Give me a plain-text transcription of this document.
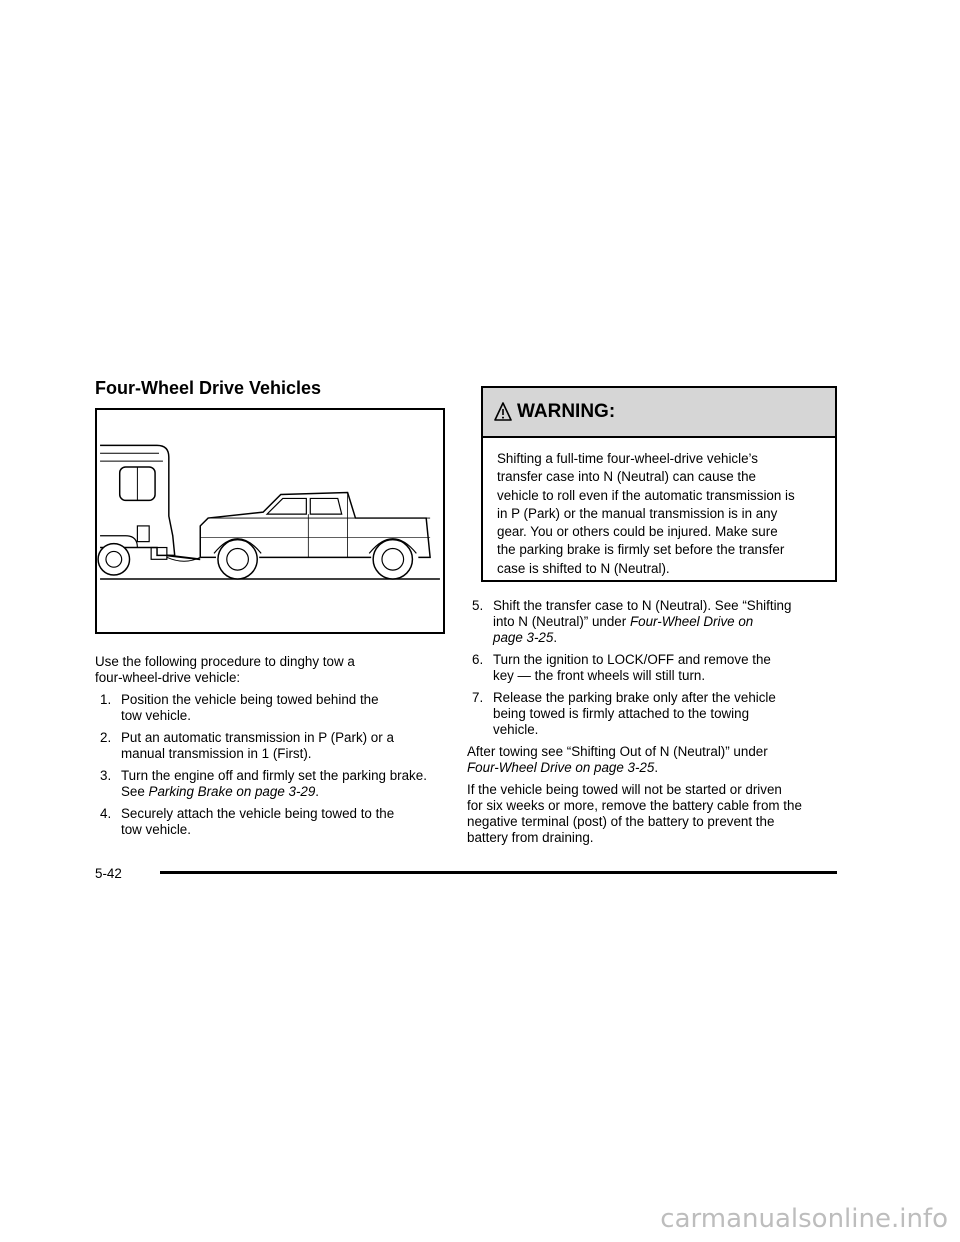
Four-Wheel Drive Vehicles

Use the following procedure to dinghy tow a
four-wheel-drive vehicle:

1. Position the vehicle being towed behind the
tow vehicle.
2. Put an automatic transmission in P (Park) or a
manual transmission in 1 (First).
3. Turn the engine off and firmly set the parking brake.
See Parking Brake on page 3-29.
4. Securely attach the vehicle being towed to the
tow vehicle.
WARNING:
Shifting a full-time four-wheel-drive vehicle’s
transfer case into N (Neutral) can cause the
vehicle to roll even if the automatic transmission is
in P (Park) or the manual transmission is in any
gear. You or others could be injured. Make sure
the parking brake is firmly set before the transfer
case is shifted to N (Neutral).
5. Shift the transfer case to N (Neutral). See “Shifting
into N (Neutral)” under Four-Wheel Drive on
page 3-25.
6. Turn the ignition to LOCK/OFF and remove the
key — the front wheels will still turn.
7. Release the parking brake only after the vehicle
being towed is firmly attached to the towing
vehicle.

After towing see “Shifting Out of N (Neutral)” under
Four-Wheel Drive on page 3-25.

If the vehicle being towed will not be started or driven
for six weeks or more, remove the battery cable from the
negative terminal (post) of the battery to prevent the
battery from draining.

5-42
carmanualsonline.info
